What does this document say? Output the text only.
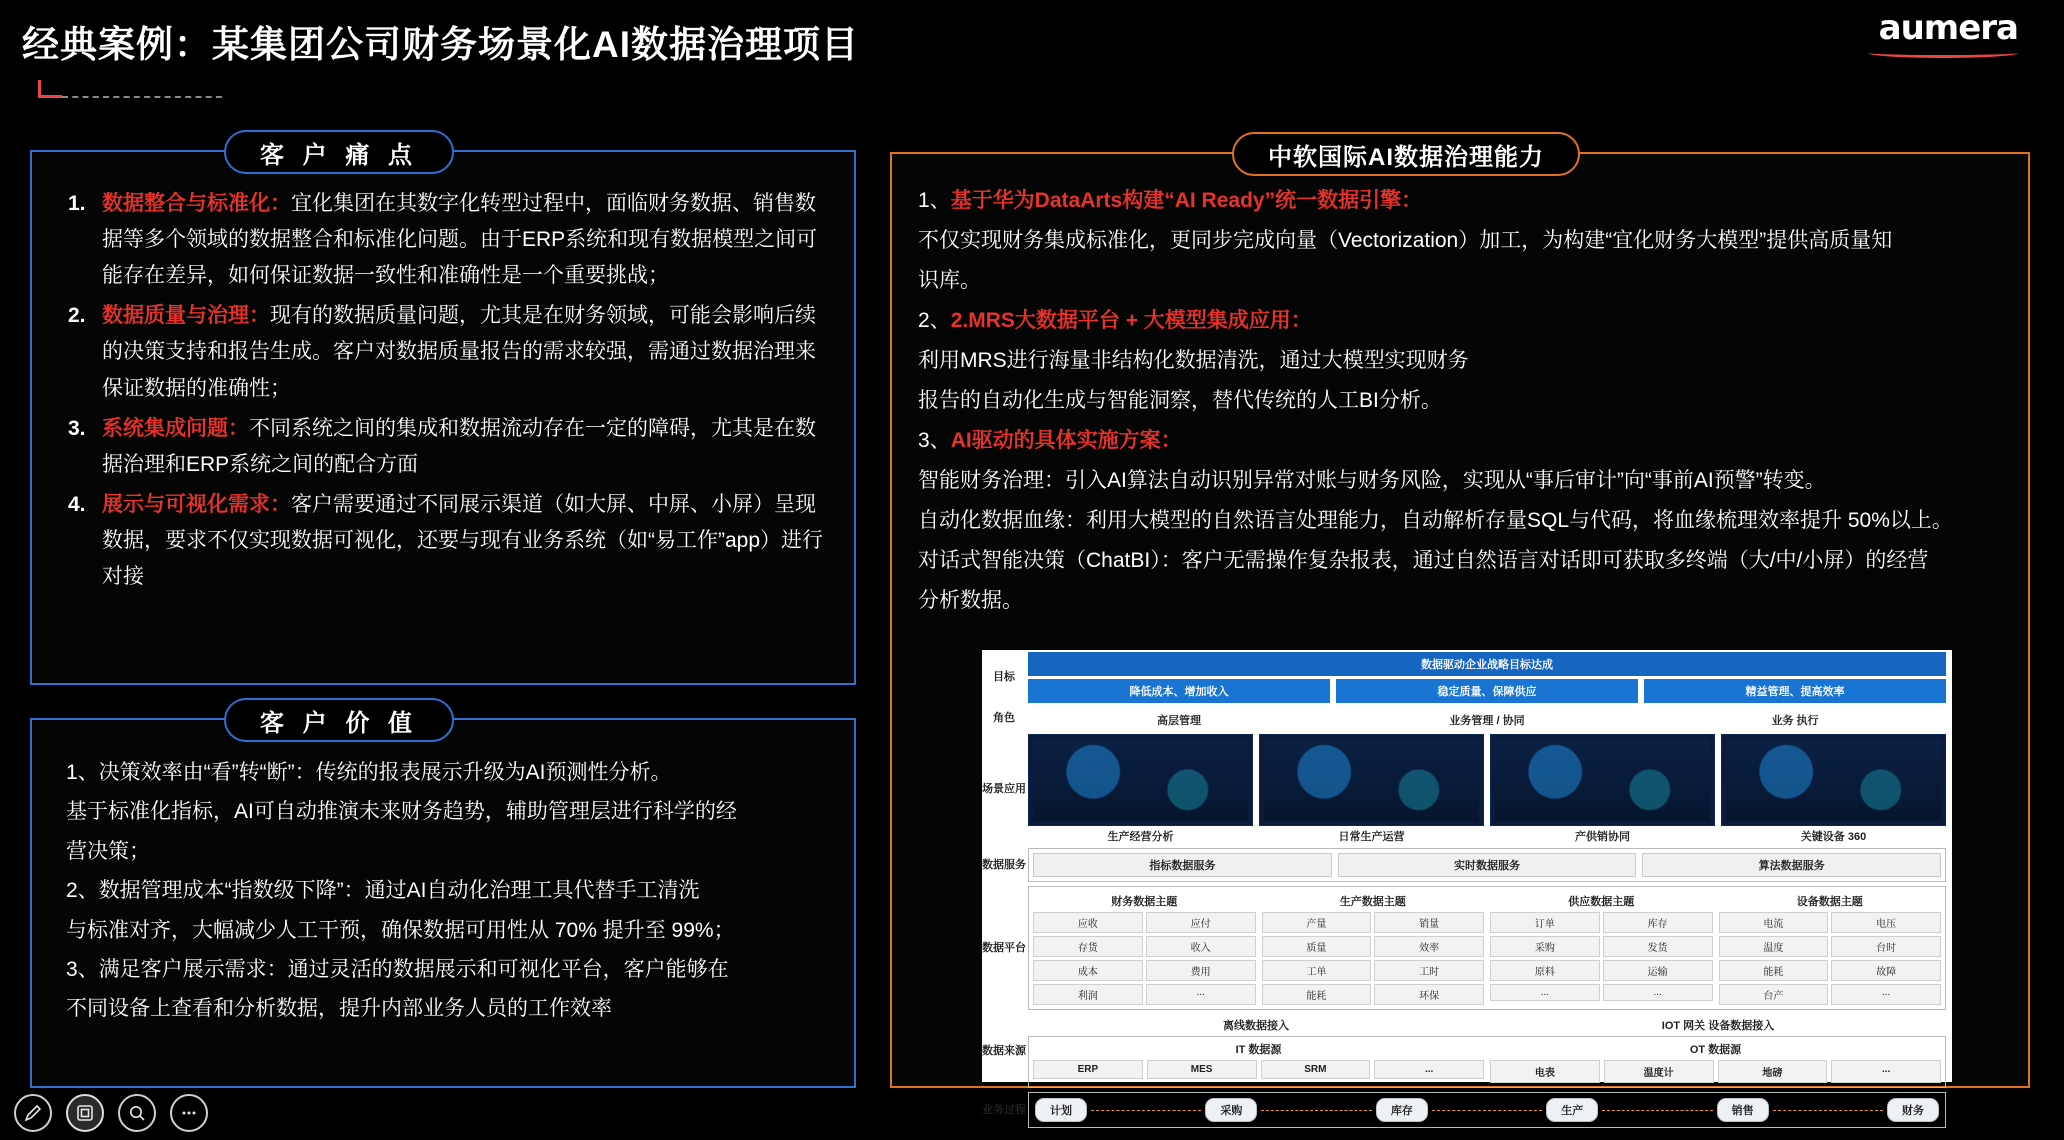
经典案例：某集团公司财务场景化AI数据治理项目	aumera
客 户 痛 点
1. 数据整合与标准化：宜化集团在其数字化转型过程中，面临财务数据、销售数据等多个领域的数据整合和标准化问题。由于ERP系统和现有数据模型之间可能存在差异，如何保证数据一致性和准确性是一个重要挑战；
2. 数据质量与治理：现有的数据质量问题，尤其是在财务领域，可能会影响后续的决策支持和报告生成。客户对数据质量报告的需求较强，需通过数据治理来保证数据的准确性；
3. 系统集成问题：不同系统之间的集成和数据流动存在一定的障碍，尤其是在数据治理和ERP系统之间的配合方面
4. 展示与可视化需求：客户需要通过不同展示渠道（如大屏、中屏、小屏）呈现数据，要求不仅实现数据可视化，还要与现有业务系统（如“易工作”app）进行对接
客 户 价 值

1、决策效率由“看”转“断”：传统的报表展示升级为AI预测性分析。

基于标准化指标，AI可自动推演未来财务趋势，辅助管理层进行科学的经

营决策；

2、数据管理成本“指数级下降”：通过AI自动化治理工具代替手工清洗

与标准对齐，大幅减少人工干预，确保数据可用性从 70% 提升至 99%；

3、满足客户展示需求：通过灵活的数据展示和可视化平台，客户能够在

不同设备上查看和分析数据，提升内部业务人员的工作效率

中软国际AI数据治理能力

1、基于华为DataArts构建“AI Ready”统一数据引擎：

不仅实现财务集成标准化，更同步完成向量（Vectorization）加工，为构建“宜化财务大模型”提供高质量知

识库。

2、2.MRS大数据平台 + 大模型集成应用：

利用MRS进行海量非结构化数据清洗，通过大模型实现财务

报告的自动化生成与智能洞察，替代传统的人工BI分析。

3、AI驱动的具体实施方案：

智能财务治理：引入AI算法自动识别异常对账与财务风险，实现从“事后审计”向“事前AI预警”转变。

自动化数据血缘：利用大模型的自然语言处理能力，自动解析存量SQL与代码，将血缘梳理效率提升 50%以上。

对话式智能决策（ChatBI）：客户无需操作复杂报表，通过自然语言对话即可获取多终端（大/中/小屏）的经营

分析数据。

目标
数据驱动企业战略目标达成
降低成本、增加收入	稳定质量、保障供应	精益管理、提高效率
角色	高层管理	业务管理 / 协同	业务 执行
场景应用
生产经营分析	日常生产运营	产供销协同	关键设备 360
数据服务	指标数据服务	实时数据服务	算法数据服务
数据平台
财务数据主题
应收	应付
存货	收入
成本	费用
利润	...
生产数据主题
产量	销量
质量	效率
工单	工时
能耗	环保
供应数据主题
订单	库存
采购	发货
原料	运输
...	...
设备数据主题
电流	电压
温度	台时
能耗	故障
台产	...
数据来源
离线数据接入	IOT 网关 设备数据接入
IT 数据源
ERP	MES	SRM	...
OT 数据源
电表	温度计	地磅	...
业务过程	计划	采购	库存	生产	销售	财务
